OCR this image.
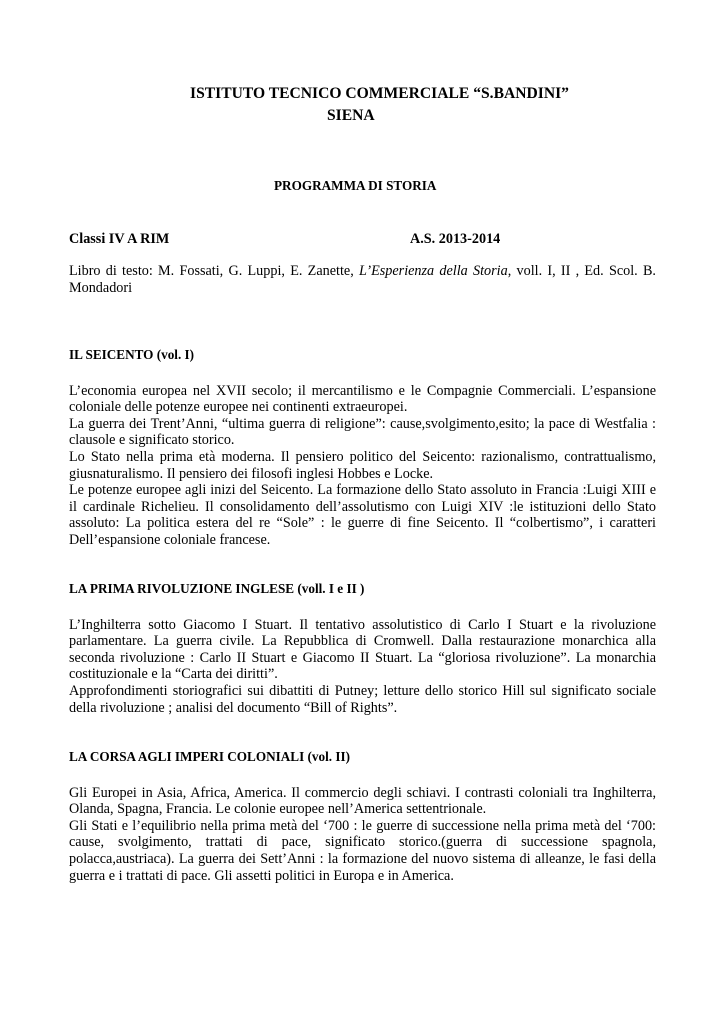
ISTITUTO TECNICO COMMERCIALE “S.BANDINI”
SIENA
PROGRAMMA DI STORIA
Classi IV A RIM	A.S. 2013-2014
Libro di testo: M. Fossati, G. Luppi, E. Zanette, L’Esperienza della Storia, voll. I, II , Ed. Scol. B. Mondadori
IL SEICENTO (vol. I)

L’economia europea nel XVII secolo; il mercantilismo e le Compagnie Commerciali. L’espansione coloniale delle potenze europee nei continenti extraeuropei.

La guerra dei Trent’Anni, “ultima guerra di religione”: cause,svolgimento,esito; la pace di Westfalia : clausole e significato storico.

Lo Stato nella prima età moderna. Il pensiero politico del Seicento: razionalismo, contrattualismo, giusnaturalismo. Il pensiero dei filosofi inglesi Hobbes e Locke.

Le potenze europee agli inizi del Seicento. La formazione dello Stato assoluto in Francia :Luigi XIII e il cardinale Richelieu. Il consolidamento dell’assolutismo con Luigi XIV :le istituzioni dello Stato assoluto: La politica estera del re “Sole” : le guerre di fine Seicento. Il “colbertismo”, i caratteri Dell’espansione coloniale francese.

LA PRIMA RIVOLUZIONE INGLESE (voll. I e II )

L’Inghilterra sotto Giacomo I Stuart. Il tentativo assolutistico di Carlo I Stuart e la rivoluzione parlamentare. La guerra civile. La Repubblica di Cromwell. Dalla restaurazione monarchica alla seconda rivoluzione : Carlo II Stuart e Giacomo II Stuart. La “gloriosa rivoluzione”. La monarchia costituzionale e la “Carta dei diritti”.

Approfondimenti storiografici sui dibattiti di Putney; letture dello storico Hill sul significato sociale della rivoluzione ; analisi del documento “Bill of Rights”.

LA CORSA AGLI IMPERI COLONIALI (vol. II)

Gli Europei in Asia, Africa, America. Il commercio degli schiavi. I contrasti coloniali tra Inghilterra, Olanda, Spagna, Francia. Le colonie europee nell’America settentrionale.

Gli Stati e l’equilibrio nella prima metà del ‘700 : le guerre di successione nella prima metà del ‘700: cause, svolgimento, trattati di pace, significato storico.(guerra di successione spagnola, polacca,austriaca). La guerra dei Sett’Anni : la formazione del nuovo sistema di alleanze, le fasi della guerra e i trattati di pace. Gli assetti politici in Europa e in America.
